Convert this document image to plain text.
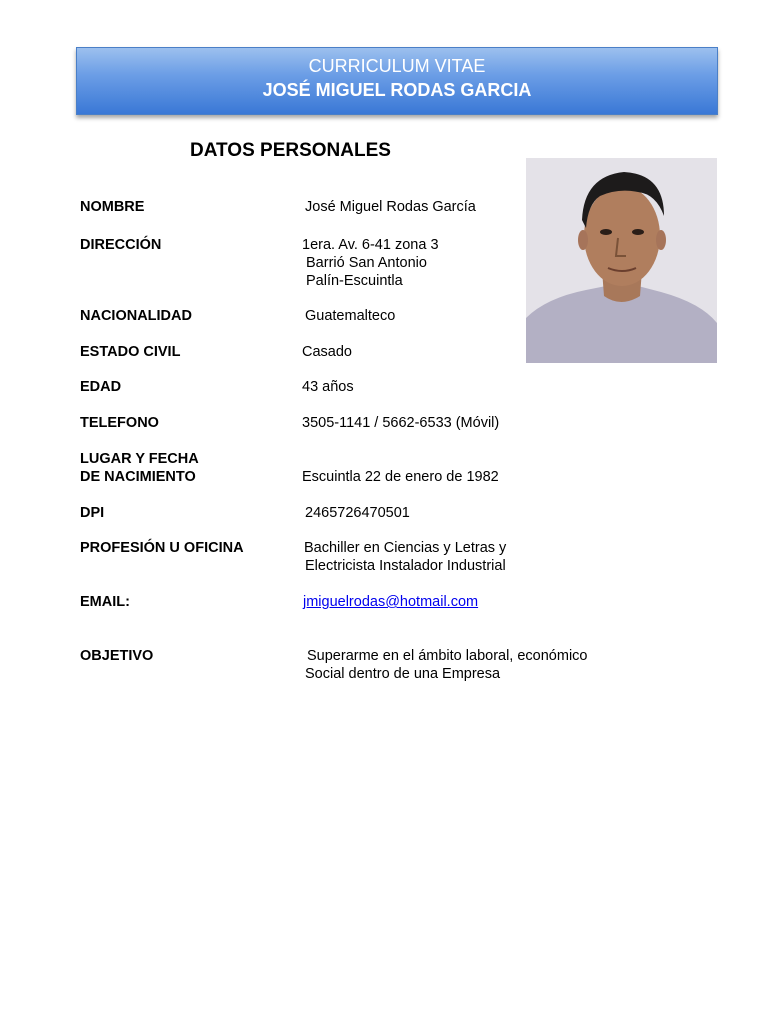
CURRICULUM VITAE
JOSÉ MIGUEL RODAS GARCIA
DATOS PERSONALES
NOMBRE	José Miguel Rodas García
DIRECCIÓN	1era. Av. 6-41 zona 3
Barrió San Antonio
Palín-Escuintla
NACIONALIDAD	Guatemalteco
ESTADO CIVIL	Casado
EDAD	43 años
TELEFONO	3505-1141 / 5662-6533 (Móvil)
LUGAR Y FECHA
DE NACIMIENTO	Escuintla 22 de enero de 1982
DPI	2465726470501
PROFESIÓN U OFICINA	Bachiller en Ciencias y Letras y
Electricista Instalador Industrial
EMAIL:	jmiguelrodas@hotmail.com
OBJETIVO	Superarme en el ámbito laboral, económico
Social dentro de una Empresa
